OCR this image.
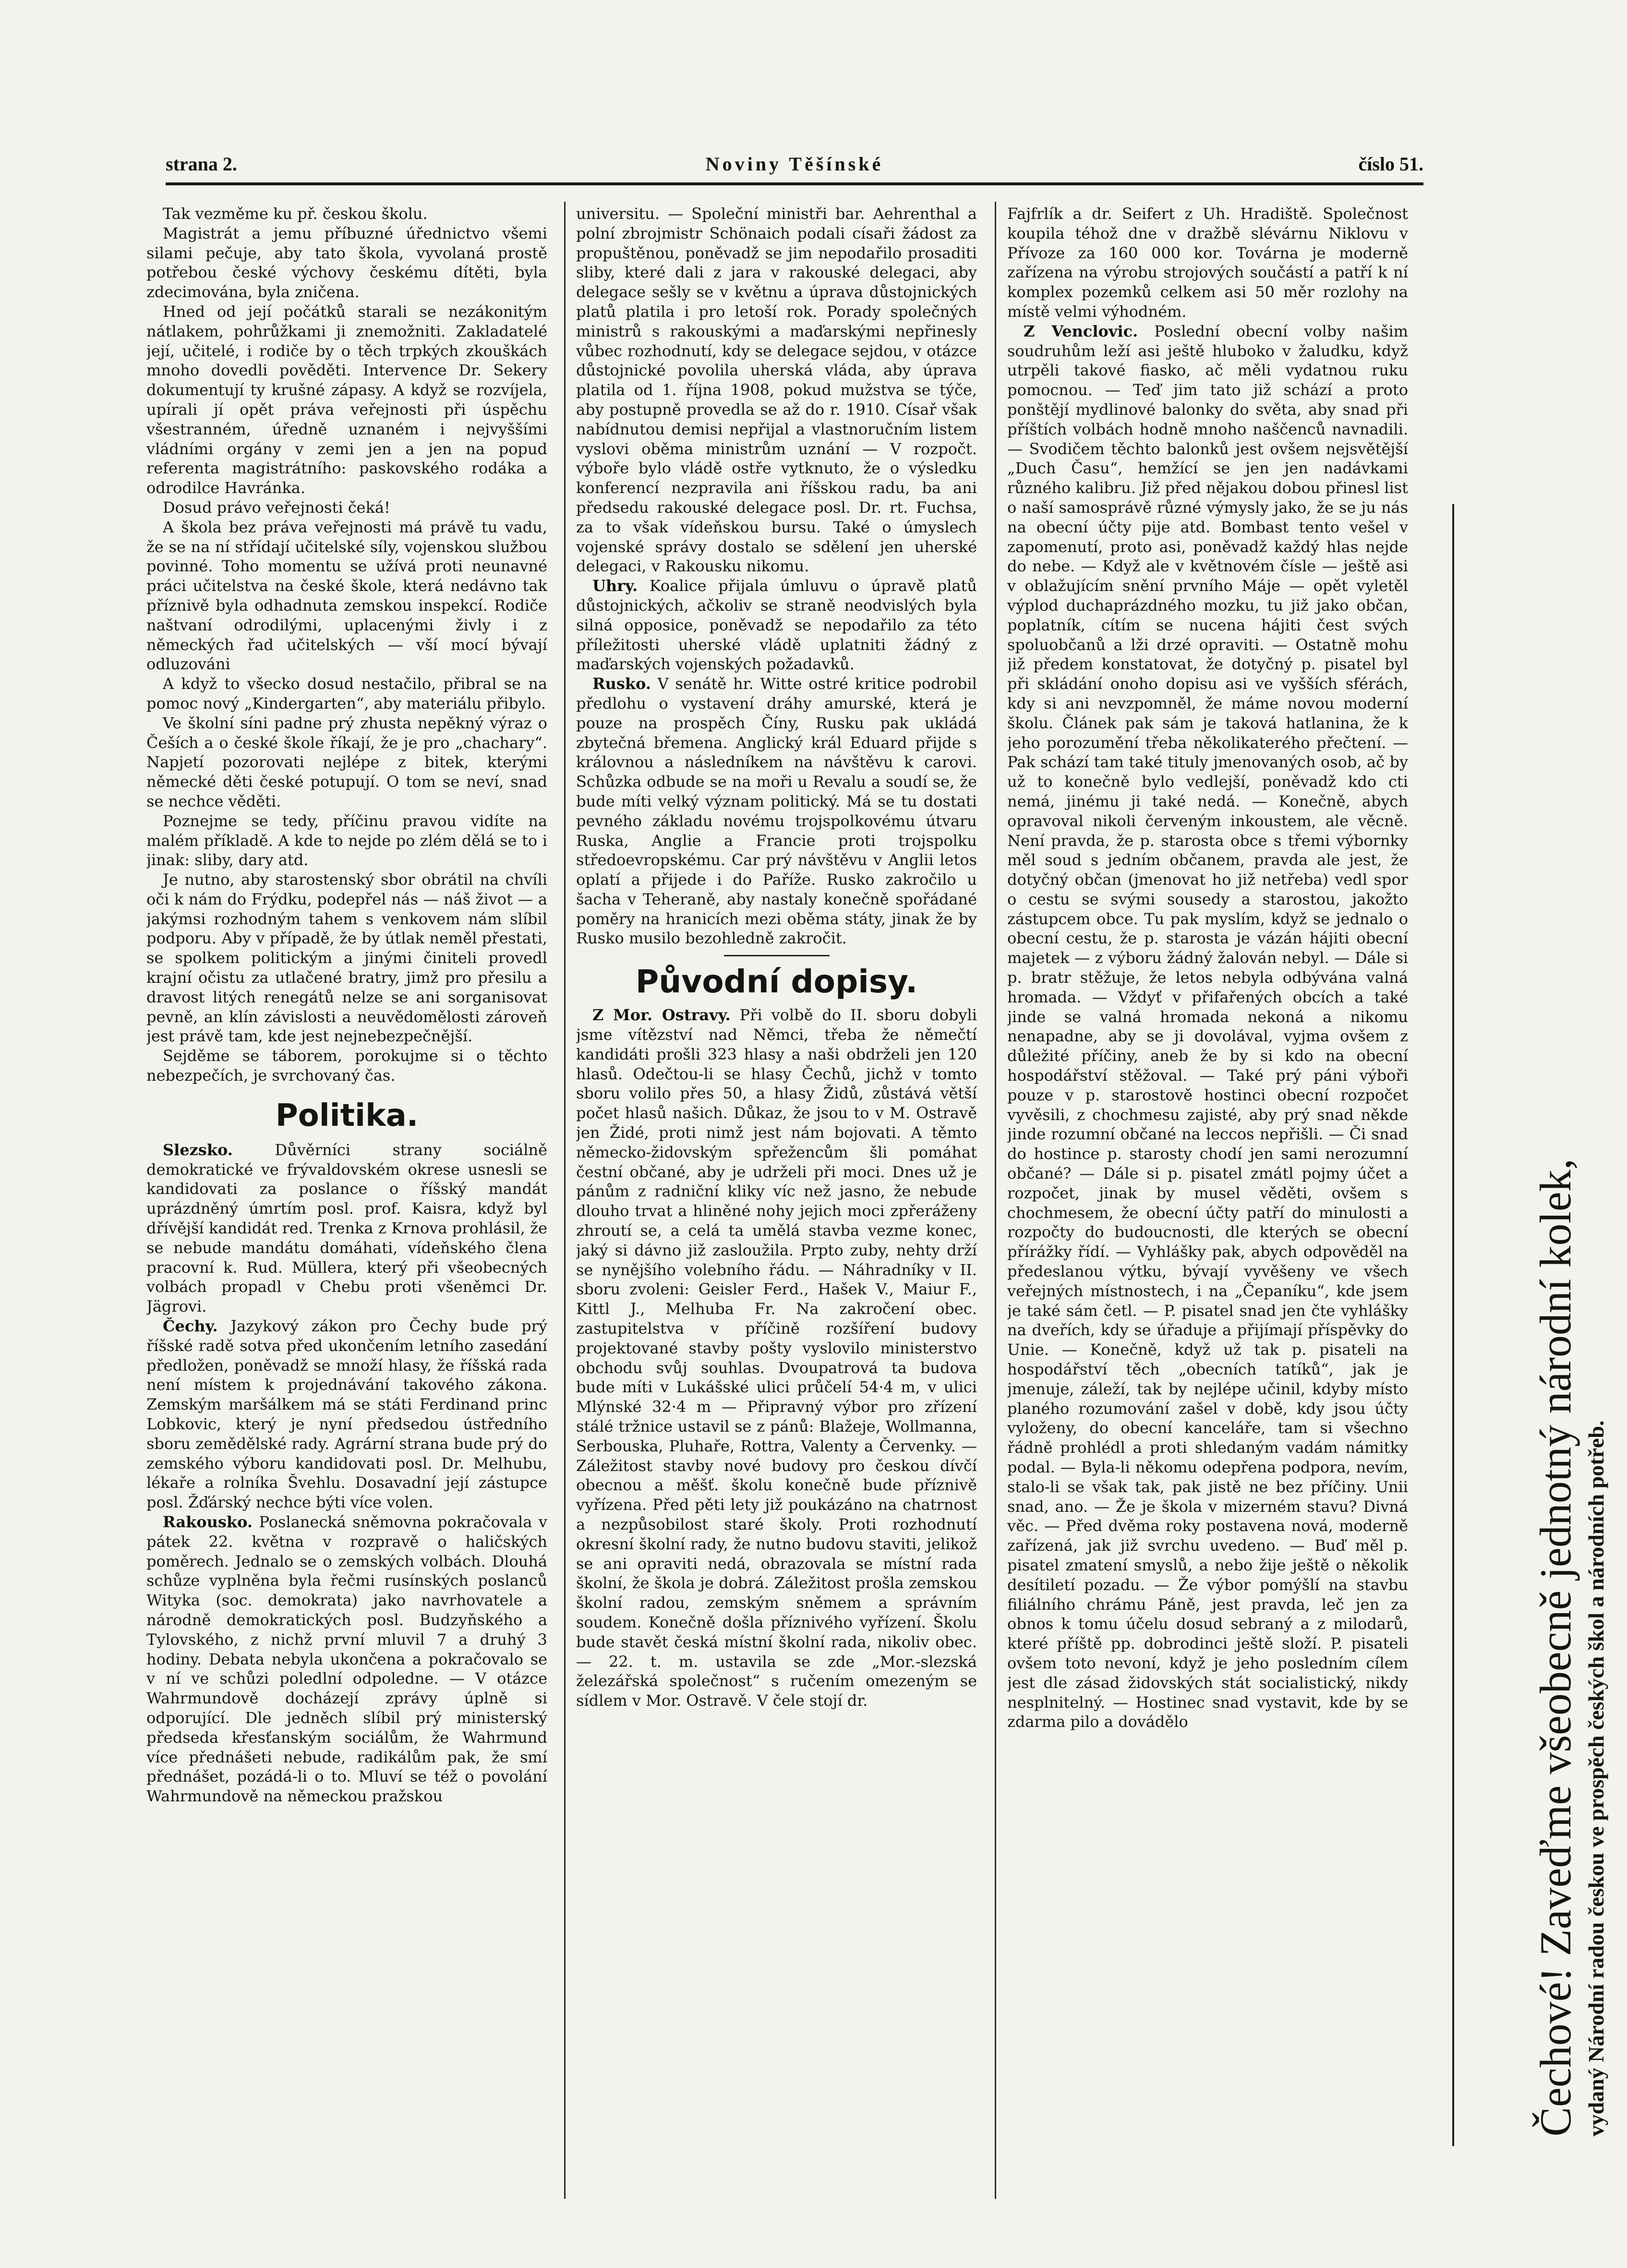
strana 2.	Noviny Těšínské	číslo 51.

Tak vezměme ku př. českou školu.

Magistrát a jemu příbuzné úřednictvo všemi silami pečuje, aby tato škola, vyvolaná prostě potřebou české výchovy českému dítěti, byla zdecimována, byla zničena.

Hned od její počátků starali se nezákonitým nátlakem, pohrůžkami ji znemožniti. Zakladatelé její, učitelé, i rodiče by o těch trpkých zkouškách mnoho dovedli pověděti. Intervence Dr. Sekery dokumentují ty krušné zápasy. A když se rozvíjela, upírali jí opět práva veřejnosti při úspěchu všestranném, úředně uznaném i nejvyššími vládními orgány v zemi jen a jen na popud referenta magistrátního: paskovského rodáka a odrodilce Havránka.

Dosud právo veřejnosti čeká!

A škola bez práva veřejnosti má právě tu vadu, že se na ní střídají učitelské síly, vojenskou službou povinné. Toho momentu se užívá proti neunavné práci učitelstva na české škole, která nedávno tak příznivě byla odhadnuta zemskou inspekcí. Rodiče naštvaní odrodilými, uplacenými živly i z německých řad učitelských — vší mocí bývají odluzováni

A když to všecko dosud nestačilo, přibral se na pomoc nový „Kindergarten“, aby materiálu přibylo.

Ve školní síni padne prý zhusta nepěkný výraz o Češích a o české škole říkají, že je pro „chachary“. Napjetí pozorovati nejlépe z bitek, kterými německé děti české potupují. O tom se neví, snad se nechce věděti.

Poznejme se tedy, příčinu pravou vidíte na malém příkladě. A kde to nejde po zlém dělá se to i jinak: sliby, dary atd.

Je nutno, aby starostenský sbor obrátil na chvíli oči k nám do Frýdku, podepřel nás — náš život — a jakýmsi rozhodným tahem s venkovem nám slíbil podporu. Aby v případě, že by útlak neměl přestati, se spolkem politickým a jinými činiteli provedl krajní očistu za utlačené bratry, jimž pro přesilu a dravost litých renegátů nelze se ani sorganisovat pevně, an klín závislosti a neuvědomělosti zároveň jest právě tam, kde jest nejnebezpečnější.

Sejděme se táborem, porokujme si o těchto nebezpečích, je svrchovaný čas.

Politika.

Slezsko.	Důvěrníci strany sociálně demokratické ve frývaldovském okrese usnesli se kandidovati za poslance o říšský mandát uprázdněný úmrtím posl. prof. Kaisra, když byl dřívější kandidát red. Trenka z Krnova prohlásil, že se nebude mandátu domáhati, vídeňského člena pracovní k. Rud. Müllera, který při všeobecných volbách propadl v Chebu proti všeněmci Dr. Jägrovi.

Čechy. Jazykový zákon pro Čechy bude prý říšské radě sotva před ukončením letního zasedání předložen, poněvadž se množí hlasy, že říšská rada není místem k projednávání takového zákona. Zemským maršálkem má se státi Ferdinand princ Lobkovic, který je nyní předsedou ústředního sboru zemědělské rady. Agrární strana bude prý do zemského výboru kandidovati posl. Dr. Melhubu, lékaře a rolníka Švehlu. Dosavadní její zástupce posl. Žďárský nechce býti více volen.

Rakousko. Poslanecká sněmovna pokračovala v pátek 22. května v rozpravě o haličských poměrech. Jednalo se o zemských volbách. Dlouhá schůze vyplněna byla řečmi rusínských poslanců Wityka (soc. demokrata) jako navrhovatele a národně demokratických posl. Budzyňského a Tylovského, z nichž první mluvil 7 a druhý 3 hodiny. Debata nebyla ukončena a pokračovalo se v ní ve schůzi poledlní odpoledne. — V otázce Wahrmundově docházejí zprávy úplně si odporující. Dle jedněch slíbil prý ministerský předseda křesťanským sociálům, že Wahrmund více přednášeti nebude, radikálům pak, že smí přednášet, pozádá-li o to. Mluví se též o povolání Wahrmundově na německou pražskou

universitu. — Společní ministři bar. Aehrenthal a polní zbrojmistr Schönaich podali císaři žádost za propuštěnou, poněvadž se jim nepodařilo prosaditi sliby, které dali z jara v rakouské delegaci, aby delegace sešly se v květnu a úprava důstojnických platů platila i pro letoší rok. Porady společných ministrů s rakouskými a maďarskými nepřinesly vůbec rozhodnutí, kdy se delegace sejdou, v otázce důstojnické povolila uherská vláda, aby úprava platila od 1. října 1908, pokud mužstva se týče, aby postupně provedla se až do r. 1910. Císař však nabídnutou demisi nepřijal a vlastnoručním listem vyslovi oběma ministrům uznání — V rozpočt. výboře bylo vládě ostře vytknuto, že o výsledku konferencí nezpravila ani říšskou radu, ba ani předsedu rakouské delegace posl. Dr. rt. Fuchsa, za to však vídeňskou bursu. Také o úmyslech vojenské správy dostalo se sdělení jen uherské delegaci, v Rakousku nikomu.

Uhry. Koalice přijala úmluvu o úpravě platů důstojnických, ačkoliv se straně neodvislých byla silná opposice, poněvadž se nepodařilo za této příležitosti uherské vládě uplatniti žádný z maďarských vojenských požadavků.

Rusko. V senátě hr. Witte ostré kritice podrobil předlohu o vystavení dráhy amurské, která je pouze na prospěch Číny, Rusku pak ukládá zbytečná břemena. Anglický král Eduard přijde s královnou a následníkem na návštěvu k carovi. Schůzka odbude se na moři u Revalu a soudí se, že bude míti velký význam politický. Má se tu dostati pevného základu novému trojspolkovému útvaru Ruska, Anglie a Francie proti trojspolku středoevropskému. Car prý návštěvu v Anglii letos oplatí a přijede i do Paříže. Rusko zakročilo u šacha v Teheraně, aby nastaly konečně spořádané poměry na hranicích mezi oběma státy, jinak že by Rusko musilo bezohledně zakročit.

Původní dopisy.

Z Mor. Ostravy. Při volbě do II. sboru dobyli jsme vítězství nad Němci, třeba že němečtí kandidáti prošli 323 hlasy a naši obdrželi jen 120 hlasů. Odečtou-li se hlasy Čechů, jichž v tomto sboru volilo přes 50, a hlasy Židů, zůstává větší počet hlasů našich. Důkaz, že jsou to v M. Ostravě jen Židé, proti nimž jest nám bojovati. A těmto německo-židovským spřežencům šli pomáhat čestní občané, aby je udrželi při moci. Dnes už je pánům z radniční kliky víc než jasno, že nebude dlouho trvat a hliněné nohy jejich moci zpřeráženy zhroutí se, a celá ta umělá stavba vezme konec, jaký si dávno již zasloužila. Prpto zuby, nehty drží se nynějšího volebního řádu. — Náhradníky v II. sboru zvoleni: Geisler Ferd., Hašek V., Maiur F., Kittl J., Melhuba Fr. Na zakročení obec. zastupitelstva v příčině rozšíření budovy projektované stavby pošty vyslovilo ministerstvo obchodu svůj souhlas. Dvoupatrová ta budova bude míti v Lukášské ulici průčelí 54·4 m, v ulici Mlýnské 32·4 m — Připravný výbor pro zřízení stálé tržnice ustavil se z pánů: Blažeje, Wollmanna, Serbouska, Pluhaře, Rottra, Valenty a Červenky. — Záležitost stavby nové budovy pro českou dívčí obecnou a měšť. školu konečně bude příznivě vyřízena. Před pěti lety již poukázáno na chatrnost a nezpůsobilost staré školy. Proti rozhodnutí okresní školní rady, že nutno budovu staviti, jelikož se ani opraviti nedá, obrazovala se místní rada školní, že škola je dobrá. Záležitost prošla zemskou školní radou, zemským sněmem a správním soudem. Konečně došla příznivého vyřízení. Školu bude stavět česká místní školní rada, nikoliv obec. — 22. t. m. ustavila se zde „Mor.-slezská železářská společnost“ s ručením omezeným se sídlem v Mor. Ostravě. V čele stojí dr.

Fajfrlík a dr. Seifert z Uh. Hradiště. Společnost koupila téhož dne v dražbě slévárnu Niklovu v Přívoze za 160 000 kor. Továrna je moderně zařízena na výrobu strojových součástí a patří k ní komplex pozemků celkem asi 50 měr rozlohy na místě velmi výhodném.

Z Venclovic. Poslední obecní volby našim soudruhům leží asi ještě hluboko v žaludku, když utrpěli takové fiasko, ač měli vydatnou ruku pomocnou. — Teď jim tato již schází a proto ponštějí mydlinové balonky do světa, aby snad při příštích volbách hodně mnoho naščenců navnadili. — Svodičem těchto balonků jest ovšem nejsvětější „Duch Času“, hemžící se jen jen nadávkami různého kalibru. Již před nějakou dobou přinesl list o naší samosprávě různé výmysly jako, že se ju nás na obecní účty pije atd. Bombast tento vešel v zapomenutí, proto asi, poněvadž každý hlas nejde do nebe. — Když ale v květnovém čísle — ještě asi v oblažujícím snění prvního Máje — opět vyletěl výplod duchaprázdného mozku, tu již jako občan, poplatník, cítím se nucena hájiti čest svých spoluobčanů a lži drzé opraviti. — Ostatně mohu již předem konstatovat, že dotyčný p. pisatel byl při skládání onoho dopisu asi ve vyšších sférách, kdy si ani nevzpomněl, že máme novou moderní školu. Článek pak sám je taková hatlanina, že k jeho porozumění třeba několikaterého přečtení. — Pak schází tam také tituly jmenovaných osob, ač by už to konečně bylo vedlejší, poněvadž kdo cti nemá, jinému ji také nedá. — Konečně, abych opravoval nikoli červeným inkoustem, ale věcně. Není pravda, že p. starosta obce s třemi výbornky měl soud s jedním občanem, pravda ale jest, že dotyčný občan (jmenovat ho již netřeba) vedl spor o cestu se svými sousedy a starostou, jakožto zástupcem obce. Tu pak myslím, když se jednalo o obecní cestu, že p. starosta je vázán hájiti obecní majetek — z výboru žádný žalován nebyl. — Dále si p. bratr stěžuje, že letos nebyla odbývána valná hromada. — Vždyť v přifařených obcích a také jinde se valná hromada nekoná a nikomu nenapadne, aby se ji dovolával, vyjma ovšem z důležité příčiny, aneb že by si kdo na obecní hospodářství stěžoval. — Také prý páni výboři pouze v p. starostově hostinci obecní rozpočet vyvěsili, z chochmesu zajisté, aby prý snad někde jinde rozumní občané na leccos nepřišli. — Či snad do hostince p. starosty chodí jen sami nerozumní občané? — Dále si p. pisatel zmátl pojmy účet a rozpočet, jinak by musel věděti, ovšem s chochmesem, že obecní účty patří do minulosti a rozpočty do budoucnosti, dle kterých se obecní přírážky řídí. — Vyhlášky pak, abych odpověděl na předeslanou výtku, bývají vyvěšeny ve všech veřejných místnostech, i na „Čepaníku“, kde jsem je také sám četl. — P. pisatel snad jen čte vyhlášky na dveřích, kdy se úřaduje a přijímají příspěvky do Unie. — Konečně, když už tak p. pisateli na hospodářství těch „obecních tatíků“, jak je jmenuje, záleží, tak by nejlépe učinil, kdyby místo planého rozumování zašel v době, kdy jsou účty vyloženy, do obecní kanceláře, tam si všechno řádně prohlédl a proti shledaným vadám námitky podal. — Byla-li někomu odepřena podpora, nevím, stalo-li se však tak, pak jistě ne bez příčiny. Unii snad, ano. — Že je škola v mizerném stavu? Divná věc. — Před dvěma roky postavena nová, moderně zařízená, jak již svrchu uvedeno. — Buď měl p. pisatel zmatení smyslů, a nebo žije ještě o několik desítiletí pozadu. — Že výbor pomýšlí na stavbu filiálního chrámu Páně, jest pravda, leč jen za obnos k tomu účelu dosud sebraný a z milodarů, které příště pp. dobrodinci ještě složí. P. pisateli ovšem toto nevoní, když je jeho posledním cílem jest dle zásad židovských stát socialistický, nikdy nesplnitelný. — Hostinec snad vystavit, kde by se zdarma pilo a dovádělo	Čechové! Zaveďme všeobecně jednotný národní kolek, vydaný Národní radou českou ve prospěch českých škol a národních potřeb.
